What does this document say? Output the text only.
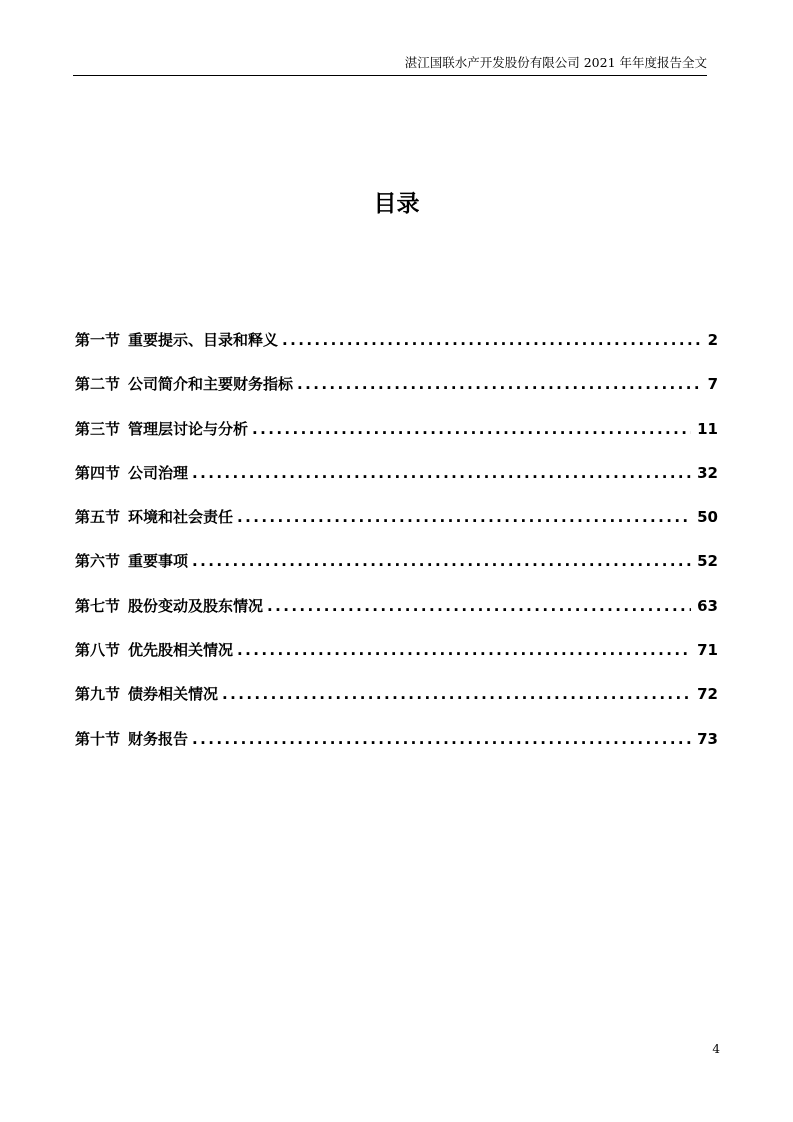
湛江国联水产开发股份有限公司 2021 年年度报告全文
目录
第一节 重要提示、目录和释义 .....	2
第二节 公司简介和主要财务指标 .....	7
第三节 管理层讨论与分析 .....	11
第四节 公司治理 .....	32
第五节 环境和社会责任 .....	50
第六节 重要事项 .....	52
第七节 股份变动及股东情况 .....	63
第八节 优先股相关情况 .....	71
第九节 债券相关情况 .....	72
第十节 财务报告 .....	73
4
